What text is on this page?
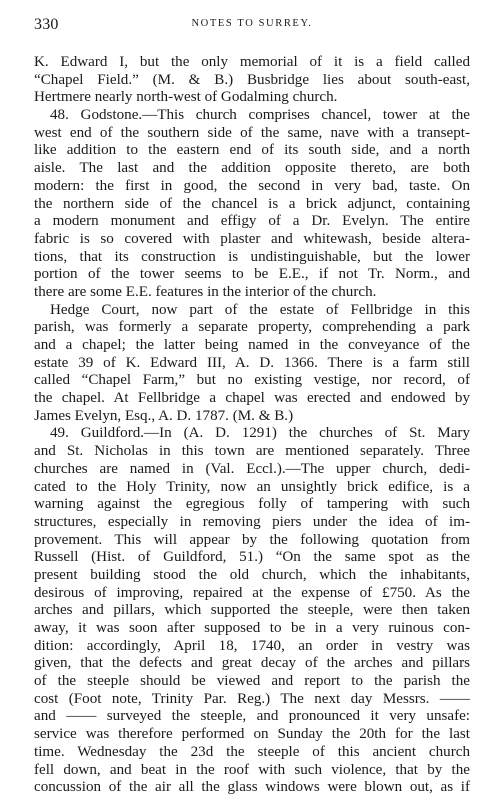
330	NOTES TO SURREY.
K. Edward I, but the only memorial of it is a field called
“Chapel Field.” (M. & B.) Busbridge lies about south-east,
Hertmere nearly north-west of Godalming church.
48. Godstone.—This church comprises chancel, tower at the
west end of the southern side of the same, nave with a transept-
like addition to the eastern end of its south side, and a north
aisle. The last and the addition opposite thereto, are both
modern: the first in good, the second in very bad, taste. On
the northern side of the chancel is a brick adjunct, containing
a modern monument and effigy of a Dr. Evelyn. The entire
fabric is so covered with plaster and whitewash, beside altera-
tions, that its construction is undistinguishable, but the lower
portion of the tower seems to be E.E., if not Tr. Norm., and
there are some E.E. features in the interior of the church.
Hedge Court, now part of the estate of Fellbridge in this
parish, was formerly a separate property, comprehending a park
and a chapel; the latter being named in the conveyance of the
estate 39 of K. Edward III, A. D. 1366. There is a farm still
called “Chapel Farm,” but no existing vestige, nor record, of
the chapel. At Fellbridge a chapel was erected and endowed by
James Evelyn, Esq., A. D. 1787. (M. & B.)
49. Guildford.—In (A. D. 1291) the churches of St. Mary
and St. Nicholas in this town are mentioned separately. Three
churches are named in (Val. Eccl.).—The upper church, dedi-
cated to the Holy Trinity, now an unsightly brick edifice, is a
warning against the egregious folly of tampering with such
structures, especially in removing piers under the idea of im-
provement. This will appear by the following quotation from
Russell (Hist. of Guildford, 51.) “On the same spot as the
present building stood the old church, which the inhabitants,
desirous of improving, repaired at the expense of £750. As the
arches and pillars, which supported the steeple, were then taken
away, it was soon after supposed to be in a very ruinous con-
dition: accordingly, April 18, 1740, an order in vestry was
given, that the defects and great decay of the arches and pillars
of the steeple should be viewed and report to the parish the
cost (Foot note, Trinity Par. Reg.) The next day Messrs. ——
and —— surveyed the steeple, and pronounced it very unsafe:
service was therefore performed on Sunday the 20th for the last
time. Wednesday the 23d the steeple of this ancient church
fell down, and beat in the roof with such violence, that by the
concussion of the air all the glass windows were blown out, as if
